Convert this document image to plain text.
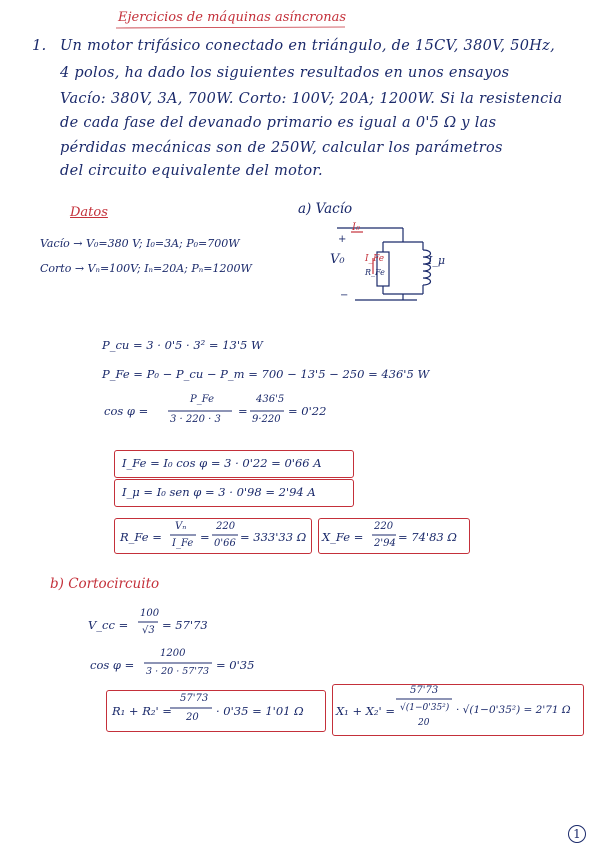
Ejercicios de máquinas asíncronas
1. Un motor trifásico conectado en triángulo, de 15CV, 380V, 50Hz,
4 polos, ha dado los siguientes resultados en unos ensayos
Vacío: 380V, 3A, 700W. Corto: 100V; 20A; 1200W. Si la resistencia
de cada fase del devanado primario es igual a 0'5 Ω y las
pérdidas mecánicas son de 250W, calcular los parámetros
del circuito equivalente del motor.
Datos
Vacío → V₀=380 V; I₀=3A; P₀=700W
Corto → Vₙ=100V; Iₙ=20A; Pₙ=1200W
a) Vacío
I₀
V₀
+
−
I_Fe
R_Fe
I_μ
P_cu = 3 · 0'5 · 3² = 13'5 W
P_Fe = P₀ − P_cu − P_m = 700 − 13'5 − 250 = 436'5 W
cos φ =
P_Fe
3 · 220 · 3
=
436'5
9·220
= 0'22
I_Fe = I₀ cos φ = 3 · 0'22 = 0'66 A
I_μ = I₀ sen φ = 3 · 0'98 = 2'94 A
R_Fe =
Vₙ
I_Fe =
220
0'66 = 333'33 Ω X_Fe =
220
2'94 = 74'83 Ω
b) Cortocircuito
V_cc =
100
√3 = 57'73
cos φ =
1200
3 · 20 · 57'73 = 0'35
R₁ + R₂' =
57'73
20 · 0'35 = 1'01 Ω	X₁ + X₂' =
57'73
√(1−0'35²)
20
· √(1−0'35²) = 2'71 Ω
1
